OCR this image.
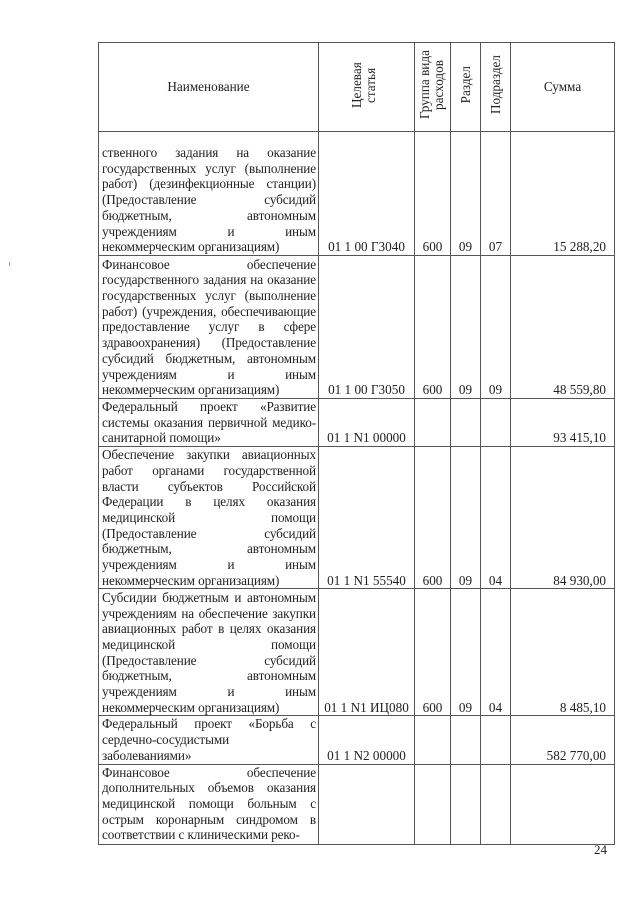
Наименование	Целевая статья	Группа вида расходов	Раздел	Подраздел	Сумма
ственного задания на оказание государственных услуг (выполнение работ) (дезинфекционные станции) (Предоставление субсидий бюджетным, автономным учреждениям и иным некоммерческим организациям)	01 1 00 Г3040	600	09	07	15 288,20
Финансовое обеспечение государственного задания на оказание государственных услуг (выполнение работ) (учреждения, обеспечивающие предоставление услуг в сфере здравоохранения) (Предоставление субсидий бюджетным, автономным учреждениям и иным некоммерческим организациям)	01 1 00 Г3050	600	09	09	48 559,80
Федеральный проект «Развитие системы оказания первичной медико-санитарной помощи»	01 1 N1 00000				93 415,10
Обеспечение закупки авиационных работ органами государственной власти субъектов Российской Федерации в целях оказания медицинской помощи (Предоставление субсидий бюджетным, автономным учреждениям и иным некоммерческим организациям)	01 1 N1 55540	600	09	04	84 930,00
Субсидии бюджетным и автономным учреждениям на обеспечение закупки авиационных работ в целях оказания медицинской помощи (Предоставление субсидий бюджетным, автономным учреждениям и иным некоммерческим организациям)	01 1 N1 ИЦ080	600	09	04	8 485,10
Федеральный проект «Борьба с сердечно-сосудистыми заболеваниями»	01 1 N2 00000				582 770,00
Финансовое обеспечение дополнительных объемов оказания медицинской помощи больным с острым коронарным синдромом в соответствии с клиническими реко-					
24
